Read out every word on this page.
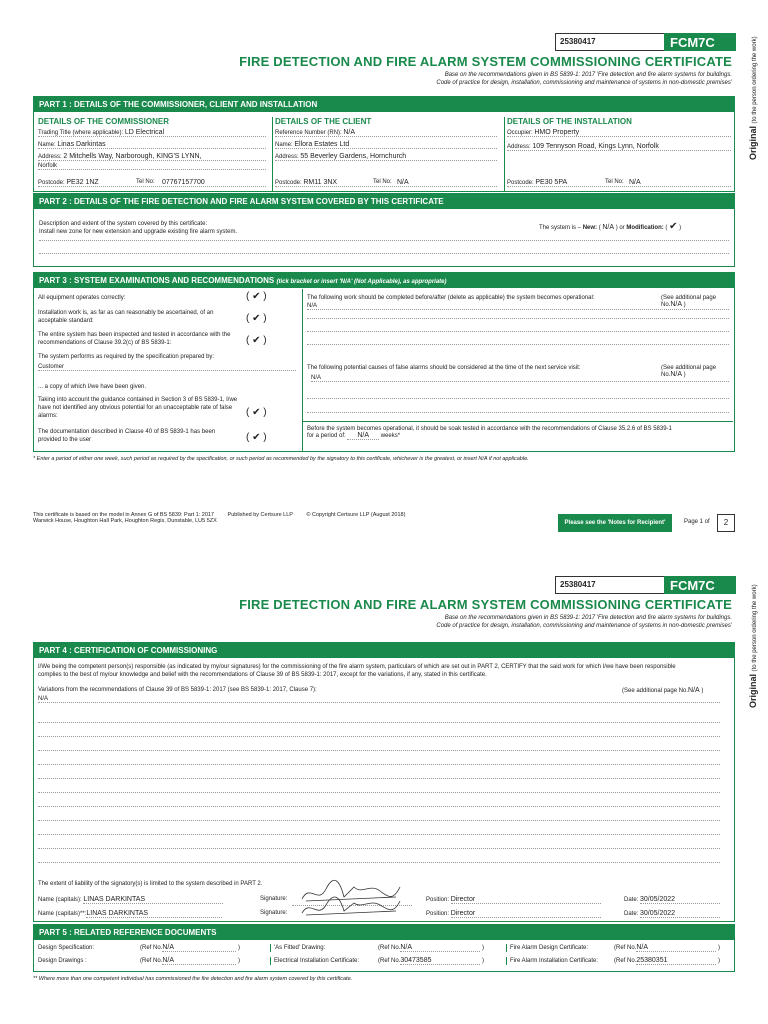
25380417	FCM7C
FIRE DETECTION AND FIRE ALARM SYSTEM COMMISSIONING CERTIFICATE
Base on the recommendations given in BS 5839-1: 2017 'Fire detection and fire alarm systems for buildings.
Code of practice for design, installation, commissioning and maintenance of systems in non-domestic premises'
Original (to the person ordering the work)
PART 1 : DETAILS OF THE COMMISSIONER, CLIENT AND INSTALLATION
DETAILS OF THE COMMISSIONER
Trading Title (where applicable): LD Electrical
Name: Linas Darkintas
Address: 2 Mitchells Way, Narborough, KING'S LYNN,
Norfolk
Postcode: PE32 1NZ	Tel No: 07767157700
DETAILS OF THE CLIENT
Reference Number (RN): N/A
Name: Ellora Estates Ltd
Address: 55 Beverley Gardens, Hornchurch
Postcode: RM11 3NX	Tel No: N/A
DETAILS OF THE INSTALLATION
Occupier: HMO Property
Address: 109 Tennyson Road, Kings Lynn, Norfolk
Postcode: PE30 5PA	Tel No: N/A
PART 2 : DETAILS OF THE FIRE DETECTION AND FIRE ALARM SYSTEM COVERED BY THIS CERTIFICATE
Description and extent of the system covered by this certificate:
Install new zone for new extension and upgrade existing fire alarm system.
The system is – New: ( N/A ) or Modification: ( ✔ )
PART 3 : SYSTEM EXAMINATIONS AND RECOMMENDATIONS (tick bracket or insert 'N/A' (Not Applicable), as appropriate)
All equipment operates correctly:	( ✔ )
Installation work is, as far as can reasonably be ascertained, of an acceptable standard:	( ✔ )
The entire system has been inspected and tested in accordance with the recommendations of Clause 39.2(c) of BS 5839-1:	( ✔ )
The system performs as required by the specification prepared by:
Customer
... a copy of which I/we have been given.
Taking into account the guidance contained in Section 3 of BS 5839-1, I/we have not identified any obvious potential for an unacceptable rate of false alarms:	( ✔ )
The documentation described in Clause 40 of BS 5839-1 has been provided to the user	( ✔ )
The following work should be completed before/after (delete as applicable) the system becomes operational:	(See additional page No.N/A )
N/A
The following potential causes of false alarms should be considered at the time of the next service visit:	(See additional page No.N/A )
N/A
Before the system becomes operational, it should be soak tested in accordance with the recommendations of Clause 35.2.6 of BS 5839-1
for a period of: N/A weeks*
* Enter a period of either one week, such period as required by the specification, or such period as recommended by the signatory to this certificate, whichever is the greatest, or insert N/A if not applicable.
This certificate is based on the model in Annex G of BS 5839: Part 1: 2017 Published by Certsure LLP © Copyright Certsure LLP (August 2018)
Warwick House, Houghton Hall Park, Houghton Regis, Dunstable, LU5 5ZX	Please see the 'Notes for Recipient'	Page 1 of	2
25380417	FCM7C
FIRE DETECTION AND FIRE ALARM SYSTEM COMMISSIONING CERTIFICATE
Base on the recommendations given in BS 5839-1: 2017 'Fire detection and fire alarm systems for buildings.
Code of practice for design, installation, commissioning and maintenance of systems in non-domestic premises'
Original (to the person ordering the work)
PART 4 : CERTIFICATION OF COMMISSIONING
I/We being the competent person(s) responsible (as indicated by my/our signatures) for the commissioning of the fire alarm system, particulars of which are set out in PART 2, CERTIFY that the said work for which I/we have been responsible
complies to the best of my/our knowledge and belief with the recommendations of Clause 39 of BS 5839-1: 2017, except for the variations, if any, stated in this certificate.
Variations from the recommendations of Clause 39 of BS 5839-1: 2017 (see BS 5839-1: 2017, Clause 7):	(See additional page No.N/A )
N/A
The extent of liability of the signatory(s) is limited to the system described in PART 2.
Name (capitals): LINAS DARKINTAS	Signature:	Position: Director	Date: 30/05/2022
Name (capitals)**:LINAS DARKINTAS	Signature:	Position: Director	Date: 30/05/2022
PART 5 : RELATED REFERENCE DOCUMENTS
Design Specification:	(Ref No.N/A	)	'As Fitted' Drawing:	(Ref No.N/A	)	Fire Alarm Design Certificate:	(Ref No.N/A	)
Design Drawings :	(Ref No.N/A	)	Electrical Installation Certificate:	(Ref No.30473585	)	Fire Alarm Installation Certificate:	(Ref No.25380351	)
** Where more than one competent individual has commissioned the fire detection and fire alarm system covered by this certificate.
